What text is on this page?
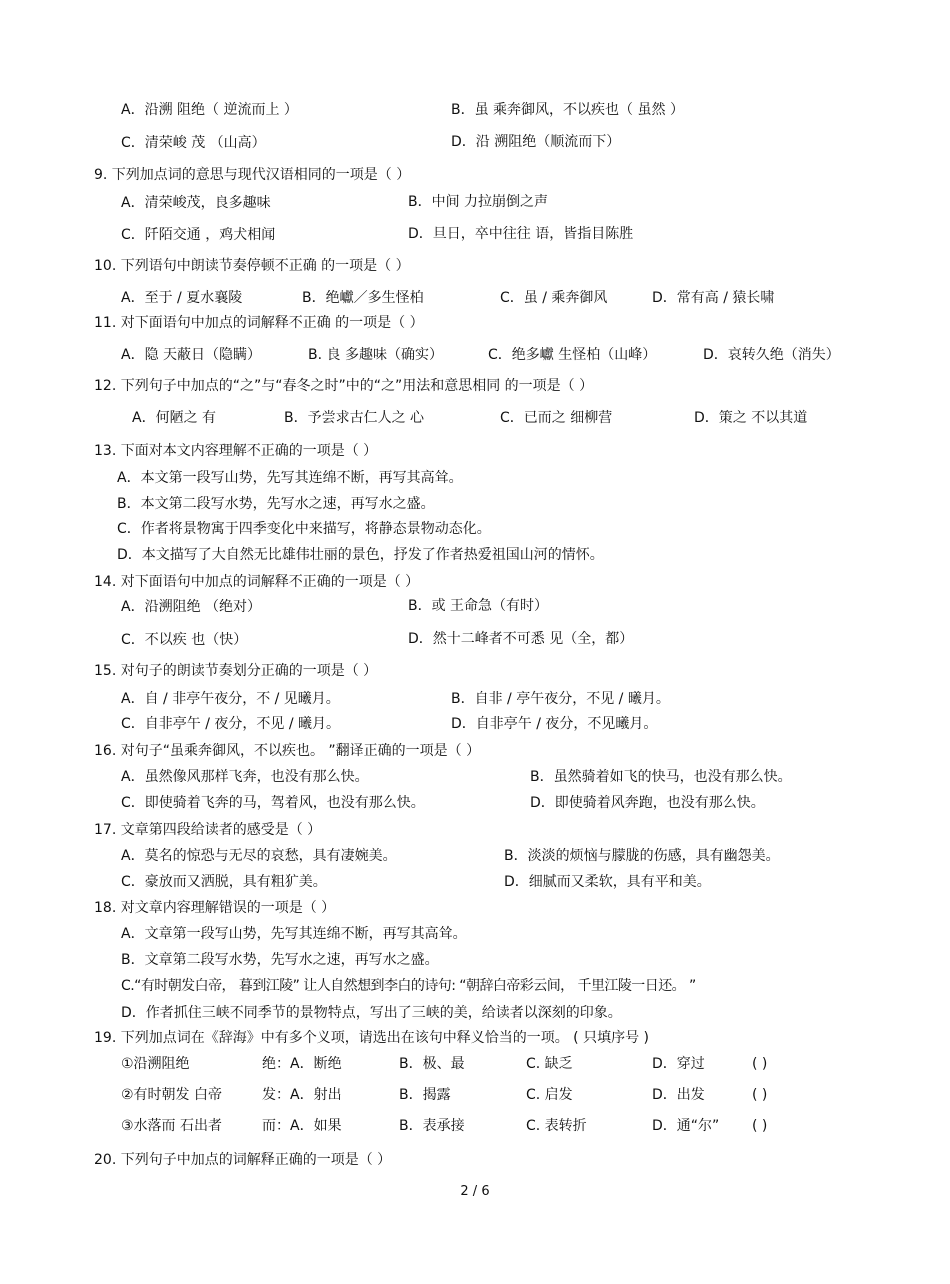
A．沿溯 阻绝（ 逆流而上 ）	B．虽 乘奔御风，不以疾也（ 虽然 ）
C．清荣峻 茂 （山高）	D．沿 溯阻绝（顺流而下）
9. 下列加点词的意思与现代汉语相同的一项是（ ）
A．清荣峻茂，良多趣味	B．中间 力拉崩倒之声
C．阡陌交通 ，鸡犬相闻	D．旦日，卒中往往 语，皆指目陈胜
10. 下列语句中朗读节奏停顿不正确 的一项是（ ）
A．至于 / 夏水襄陵	B．绝巘／多生怪柏	C．虽 / 乘奔御风	D．常有高 / 猿长啸
11. 对下面语句中加点的词解释不正确 的一项是（ ）
A．隐 天蔽日（隐瞒）	B. 良 多趣味（确实）	C．绝多巘 生怪柏（山峰）	D．哀转久绝（消失）
12. 下列句子中加点的“之”与“春冬之时”中的“之”用法和意思相同 的一项是（ ）
A．何陋之 有	B．予尝求古仁人之 心	C．已而之 细柳营	D．策之 不以其道
13. 下面对本文内容理解不正确的一项是（ ）
A．本文第一段写山势，先写其连绵不断，再写其高耸。
B．本文第二段写水势，先写水之速，再写水之盛。
C．作者将景物寓于四季变化中来描写，将静态景物动态化。
D．本文描写了大自然无比雄伟壮丽的景色，抒发了作者热爱祖国山河的情怀。
14. 对下面语句中加点的词解释不正确的一项是（ ）
A．沿溯阻绝 （绝对）	B．或 王命急（有时）
C．不以疾 也（快）	D．然十二峰者不可悉 见（全，都）
15. 对句子的朗读节奏划分正确的一项是（ ）
A．自 / 非亭午夜分，不 / 见曦月。	B．自非 / 亭午夜分，不见 / 曦月。
C．自非亭午 / 夜分，不见 / 曦月。	D．自非亭午 / 夜分，不见曦月。
16. 对句子“虽乘奔御风，不以疾也。 ”翻译正确的一项是（ ）
A．虽然像风那样飞奔，也没有那么快。	B．虽然骑着如飞的快马，也没有那么快。
C．即使骑着飞奔的马，驾着风，也没有那么快。	D．即使骑着风奔跑，也没有那么快。
17. 文章第四段给读者的感受是（ ）
A．莫名的惊恐与无尽的哀愁，具有凄婉美。	B．淡淡的烦恼与朦胧的伤感，具有幽怨美。
C．豪放而又洒脱，具有粗犷美。	D．细腻而又柔软，具有平和美。
18. 对文章内容理解错误的一项是（ ）
A．文章第一段写山势，先写其连绵不断，再写其高耸。
B．文章第二段写水势，先写水之速，再写水之盛。
C.“有时朝发白帝， 暮到江陵” 让人自然想到李白的诗句: “朝辞白帝彩云间， 千里江陵一日还。 ”
D．作者抓住三峡不同季节的景物特点，写出了三峡的美，给读者以深刻的印象。
19. 下列加点词在《辞海》中有多个义项，请选出在该句中释义恰当的一项。 ( 只填序号 )
①沿溯阻绝	绝：A．断绝	B．极、最	C. 缺乏	D．穿过	( )
②有时朝发 白帝	发：A．射出	B．揭露	C. 启发	D．出发	( )
③水落而 石出者	而：A．如果	B．表承接	C. 表转折	D．通“尔” ( )
20. 下列句子中加点的词解释正确的一项是（ ）
2 / 6
